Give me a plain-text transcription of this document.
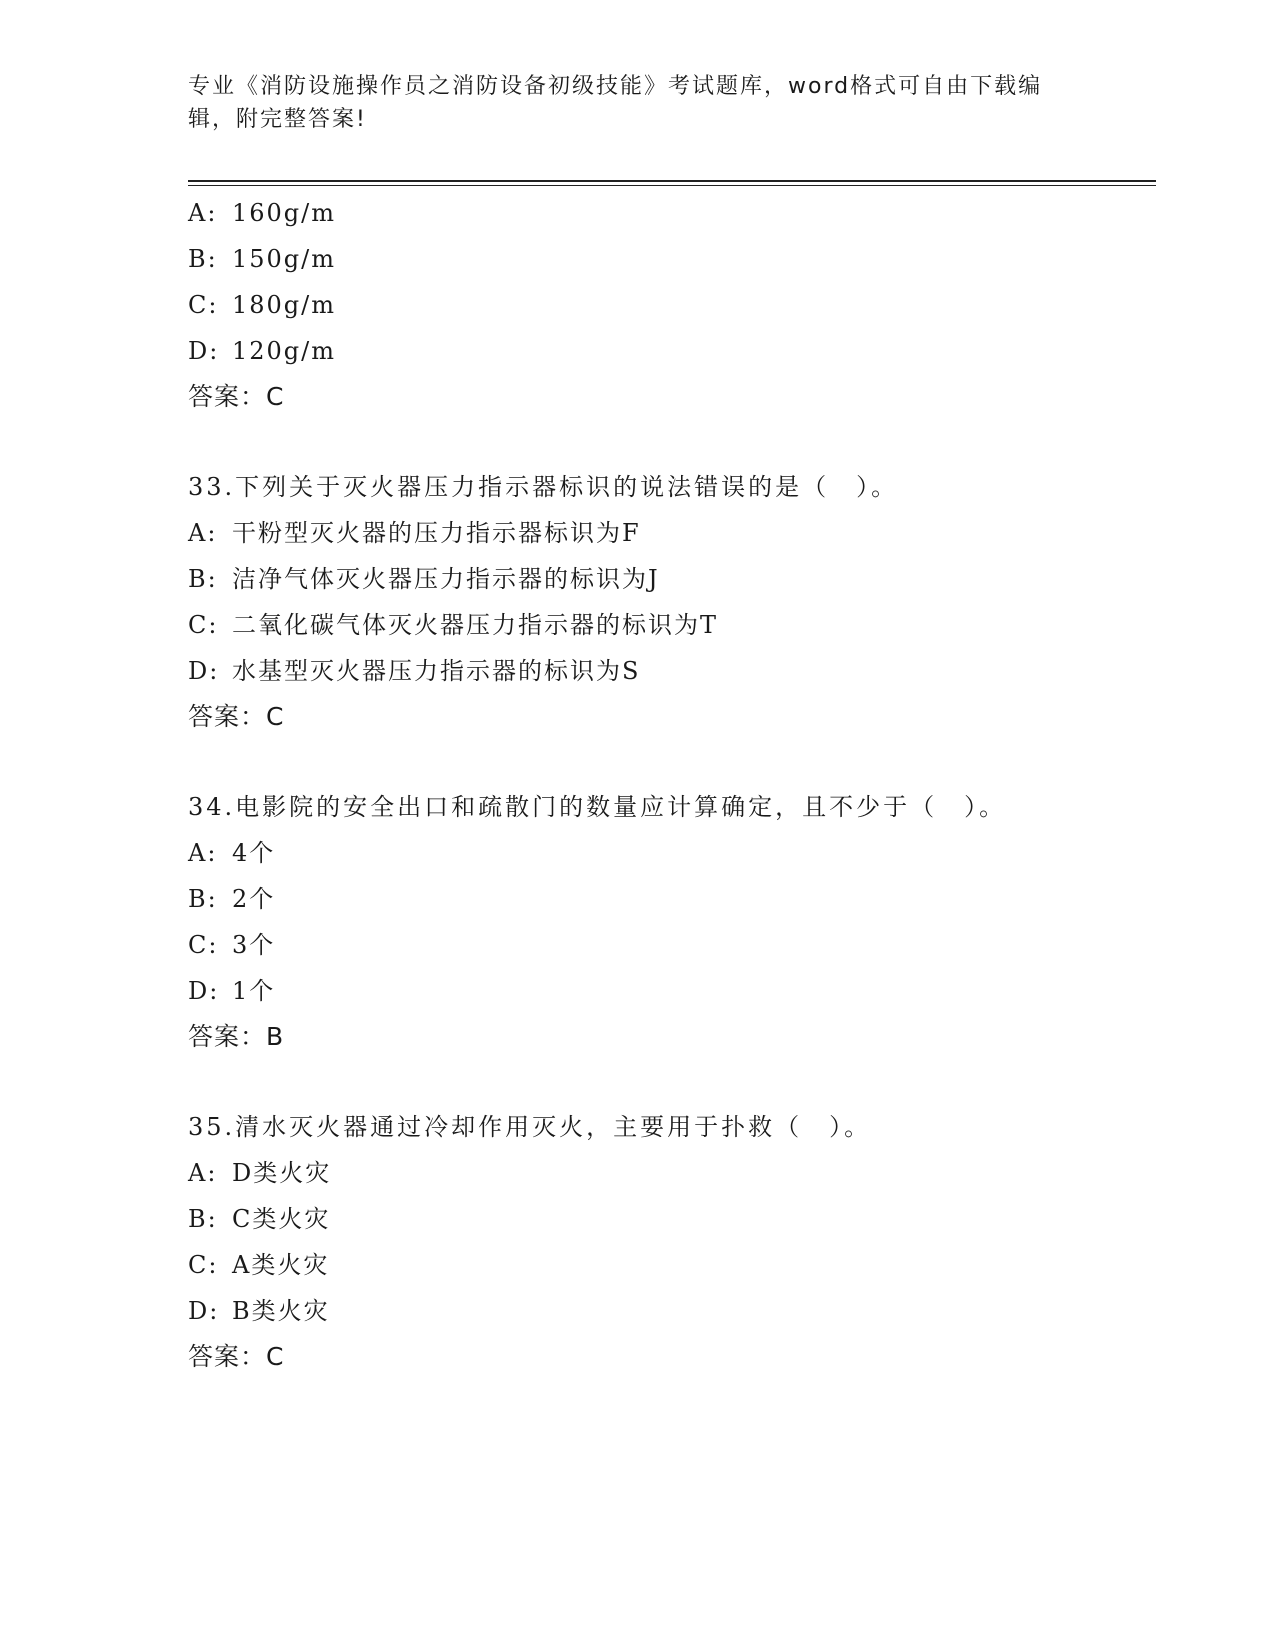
专业《消防设施操作员之消防设备初级技能》考试题库，word格式可自由下载编辑，附完整答案!
A: 160g/m
B: 150g/m
C: 180g/m
D: 120g/m
答案：C
33.下列关于灭火器压力指示器标识的说法错误的是（　）。
A: 干粉型灭火器的压力指示器标识为F
B: 洁净气体灭火器压力指示器的标识为J
C: 二氧化碳气体灭火器压力指示器的标识为T
D: 水基型灭火器压力指示器的标识为S
答案：C
34.电影院的安全出口和疏散门的数量应计算确定，且不少于（　）。
A: 4个
B: 2个
C: 3个
D: 1个
答案：B
35.清水灭火器通过冷却作用灭火，主要用于扑救（　）。
A: D类火灾
B: C类火灾
C: A类火灾
D: B类火灾
答案：C
